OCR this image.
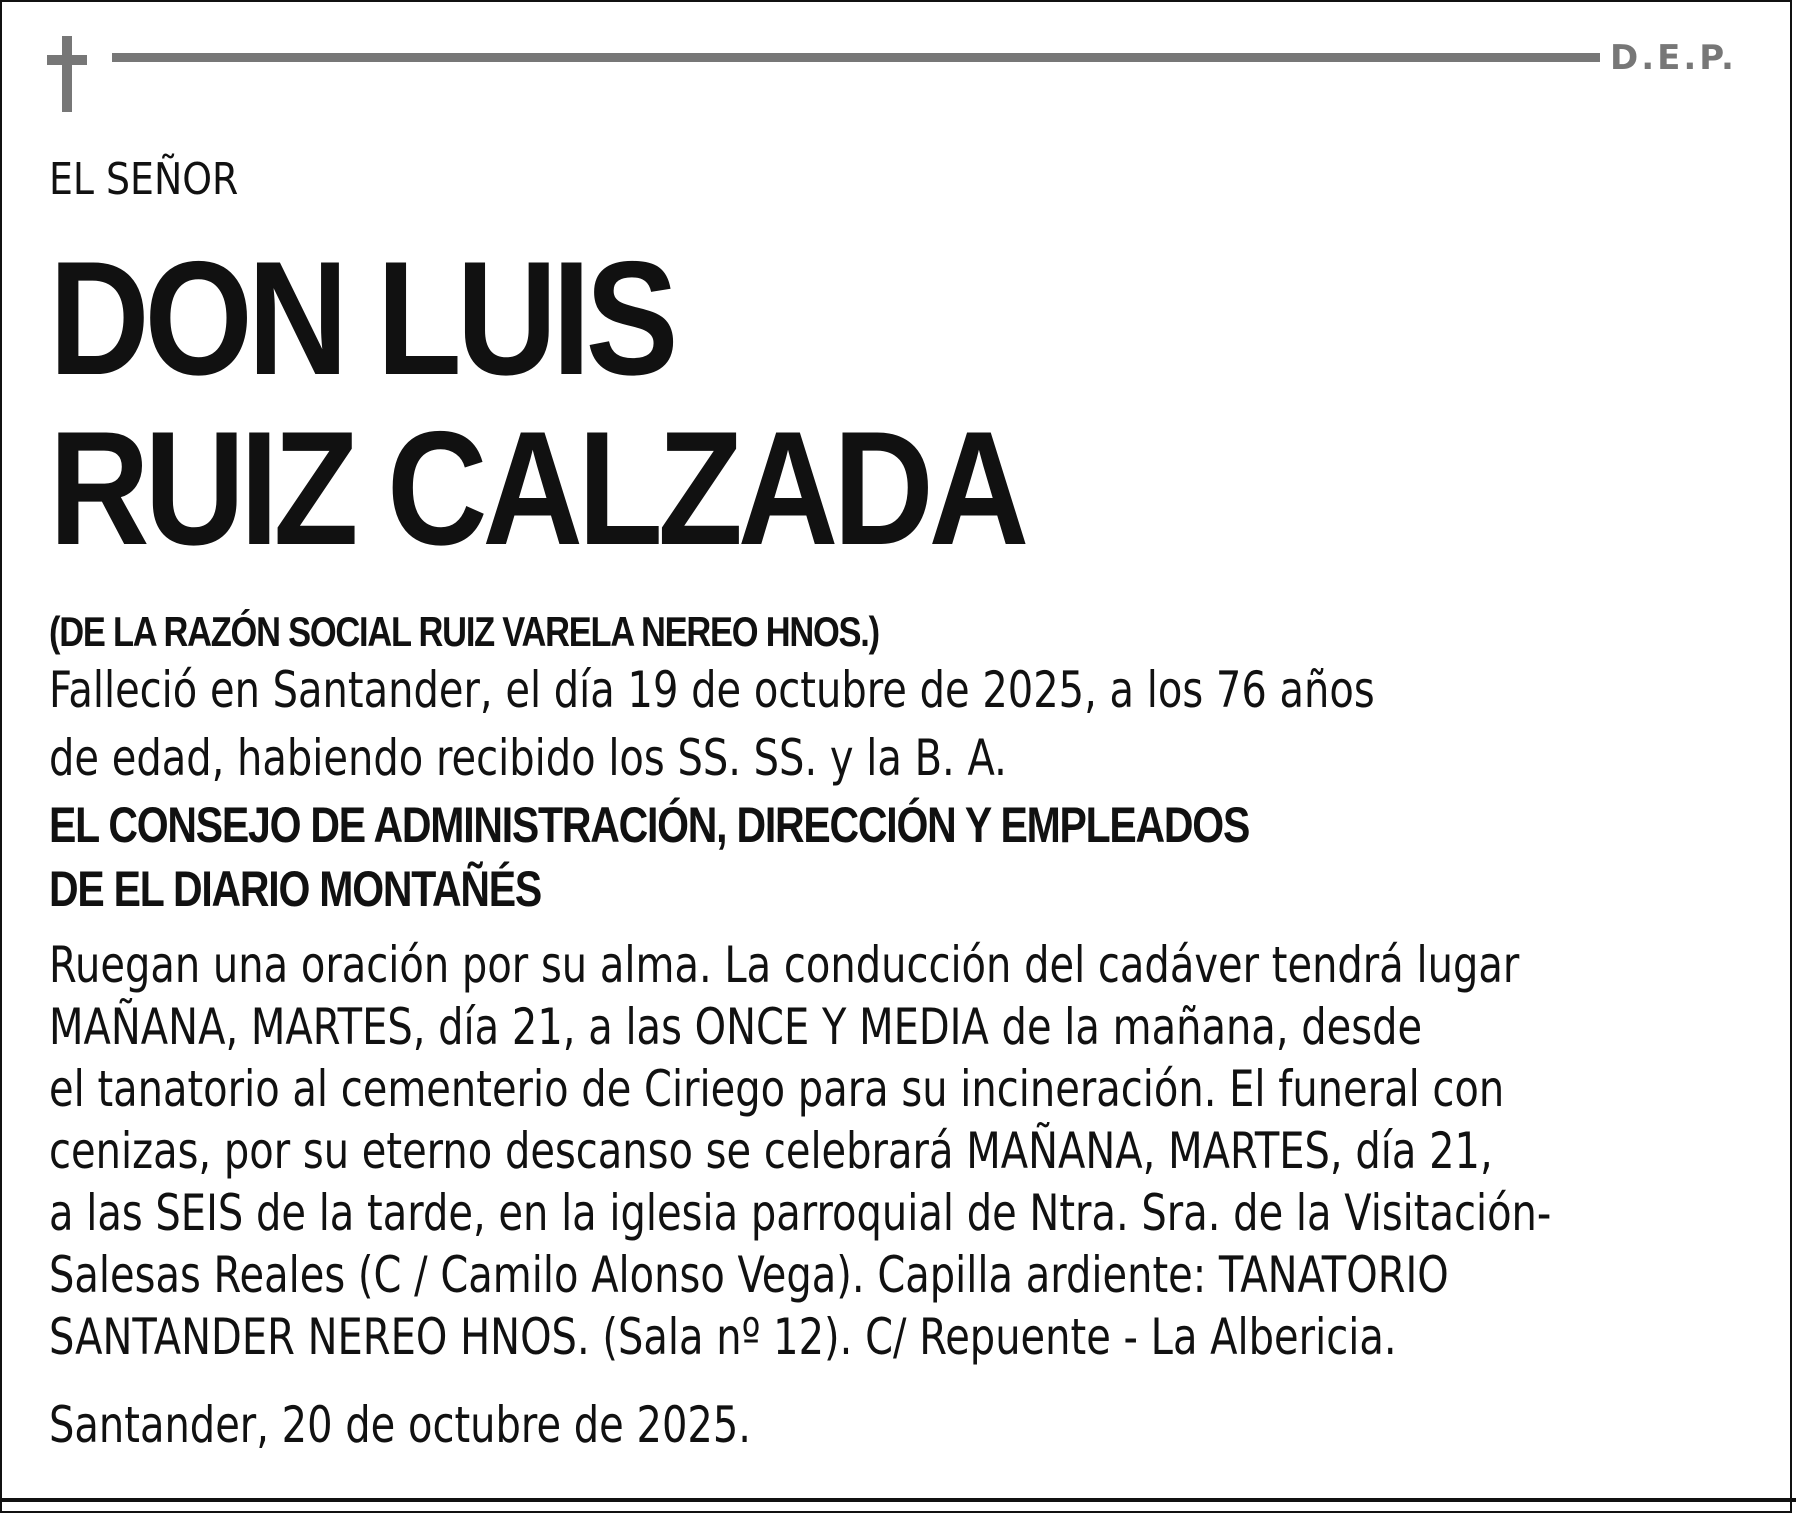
D.E.P.
EL SEÑOR
DON LUIS
RUIZ CALZADA
(DE LA RAZÓN SOCIAL RUIZ VARELA NEREO HNOS.)
Falleció en Santander, el día 19 de octubre de 2025, a los 76 años
de edad, habiendo recibido los SS. SS. y la B. A.
EL CONSEJO DE ADMINISTRACIÓN, DIRECCIÓN Y EMPLEADOS
DE EL DIARIO MONTAÑÉS
Ruegan una oración por su alma. La conducción del cadáver tendrá lugar
MAÑANA, MARTES, día 21, a las ONCE Y MEDIA de la mañana, desde
el tanatorio al cementerio de Ciriego para su incineración. El funeral con
cenizas, por su eterno descanso se celebrará MAÑANA, MARTES, día 21,
a las SEIS de la tarde, en la iglesia parroquial de Ntra. Sra. de la Visitación-
Salesas Reales (C / Camilo Alonso Vega). Capilla ardiente: TANATORIO
SANTANDER NEREO HNOS. (Sala nº 12). C/ Repuente - La Albericia.
Santander, 20 de octubre de 2025.
